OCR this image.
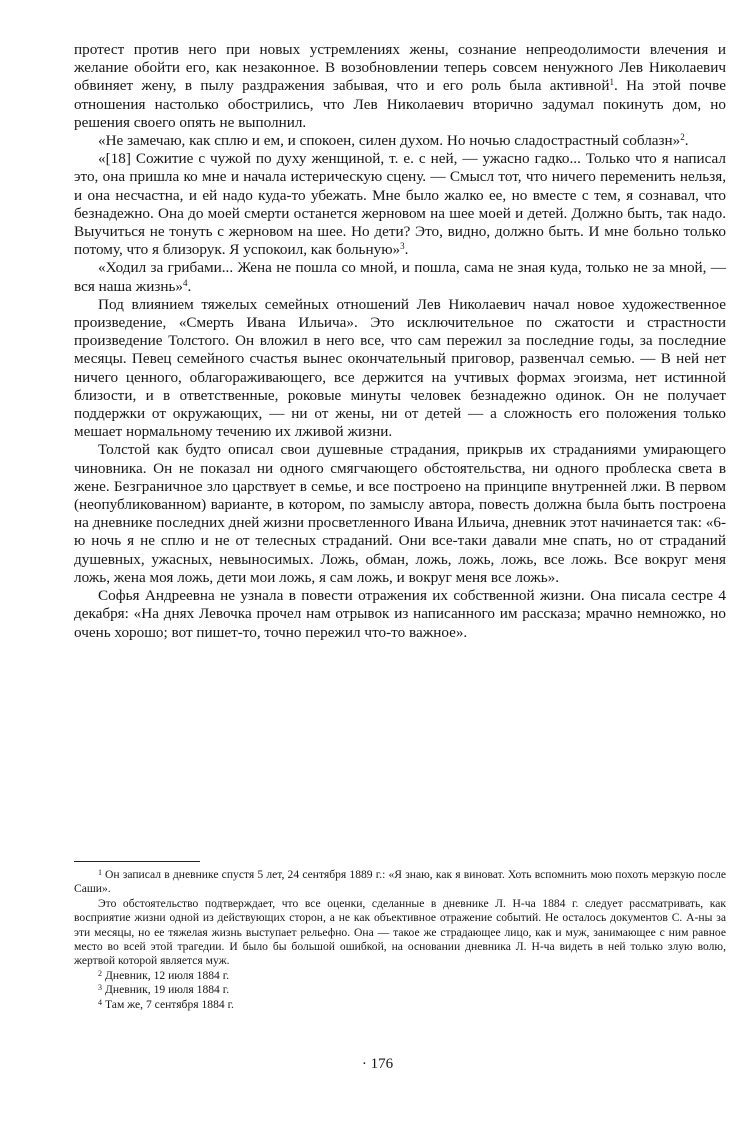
протест против него при новых устремлениях жены, сознание непреодолимости влечения и желание обойти его, как незаконное. В возобновлении теперь совсем ненужного Лев Николаевич обвиняет жену, в пылу раздражения забывая, что и его роль была активной$^1$. На этой почве отношения настолько обострились, что Лев Николаевич вторично задумал покинуть дом, но решения своего опять не выполнил.

«Не замечаю, как сплю и ем, и спокоен, силен духом. Но ночью сладострастный соблазн»$^2$.

«[18] Сожитие с чужой по духу женщиной, т. е. с ней, — ужасно гадко... Только что я написал это, она пришла ко мне и начала истерическую сцену. — Смысл тот, что ничего переменить нельзя, и она несчастна, и ей надо куда-то убежать. Мне было жалко ее, но вместе с тем, я сознавал, что безнадежно. Она до моей смерти останется жерновом на шее моей и детей. Должно быть, так надо. Выучиться не тонуть с жерновом на шее. Но дети? Это, видно, должно быть. И мне больно только потому, что я близорук. Я успокоил, как больную»$^3$.

«Ходил за грибами... Жена не пошла со мной, и пошла, сама не зная куда, только не за мной, — вся наша жизнь»$^4$.

Под влиянием тяжелых семейных отношений Лев Николаевич начал новое художественное произведение, «Смерть Ивана Ильича». Это исключительное по сжатости и страстности произведение Толстого. Он вложил в него все, что сам пережил за последние годы, за последние месяцы. Певец семейного счастья вынес окончательный приговор, развенчал семью. — В ней нет ничего ценного, облагораживающего, все держится на учтивых формах эгоизма, нет истинной близости, и в ответственные, роковые минуты человек безнадежно одинок. Он не получает поддержки от окружающих, — ни от жены, ни от детей — а сложность его положения только мешает нормальному течению их лживой жизни.

Толстой как будто описал свои душевные страдания, прикрыв их страданиями умирающего чиновника. Он не показал ни одного смягчающего обстоятельства, ни одного проблеска света в жене. Безграничное зло царствует в семье, и все построено на принципе внутренней лжи. В первом (неопубликованном) варианте, в котором, по замыслу автора, повесть должна была быть построена на дневнике последних дней жизни просветленного Ивана Ильича, дневник этот начинается так: «6-ю ночь я не сплю и не от телесных страданий. Они все-таки давали мне спать, но от страданий душевных, ужасных, невыносимых. Ложь, обман, ложь, ложь, ложь, все ложь. Все вокруг меня ложь, жена моя ложь, дети мои ложь, я сам ложь, и вокруг меня все ложь».

Софья Андреевна не узнала в повести отражения их собственной жизни. Она писала сестре 4 декабря: «На днях Левочка прочел нам отрывок из написанного им рассказа; мрачно немножко, но очень хорошо; вот пишет-то, точно пережил что-то важное».

$^1$ Он записал в дневнике спустя 5 лет, 24 сентября 1889 г.: «Я знаю, как я виноват. Хоть вспомнить мою похоть мерзкую после Саши».

Это обстоятельство подтверждает, что все оценки, сделанные в дневнике Л. Н-ча 1884 г. следует рассматривать, как восприятие жизни одной из действующих сторон, а не как объективное отражение событий. Не осталось документов С. А-ны за эти месяцы, но ее тяжелая жизнь выступает рельефно. Она — такое же страдающее лицо, как и муж, занимающее с ним равное место во всей этой трагедии. И было бы большой ошибкой, на основании дневника Л. Н-ча видеть в ней только злую волю, жертвой которой является муж.

$^2$ Дневник, 12 июля 1884 г.

$^3$ Дневник, 19 июля 1884 г.

$^4$ Там же, 7 сентября 1884 г.

· 176
